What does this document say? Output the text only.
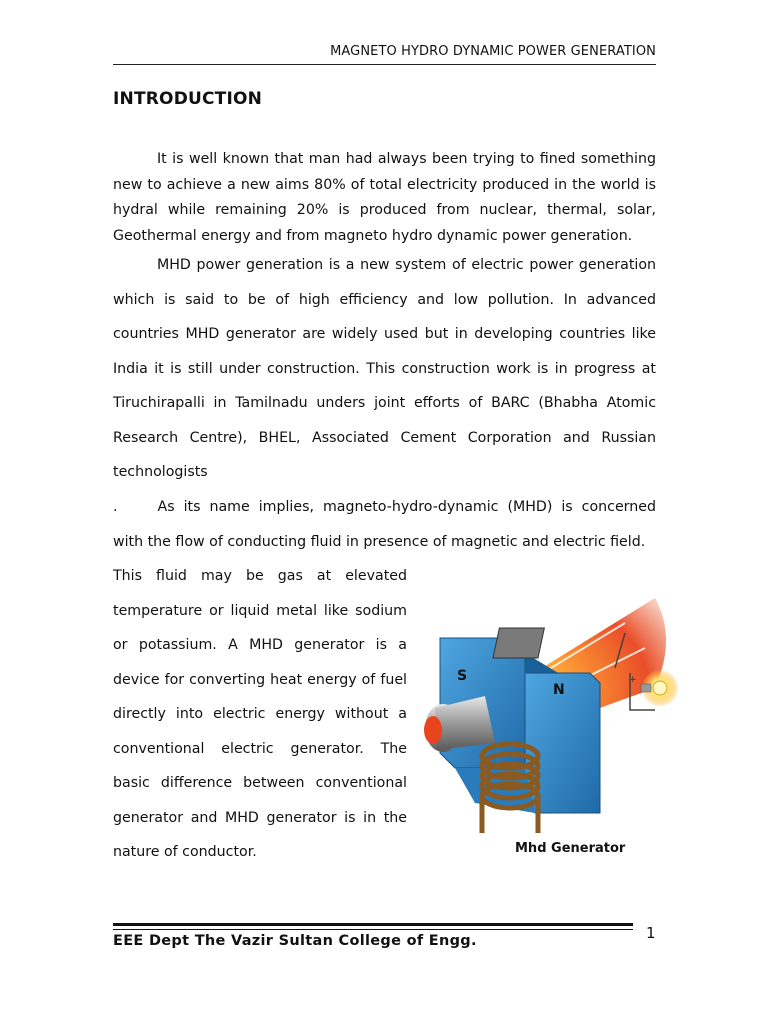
MAGNETO HYDRO DYNAMIC POWER GENERATION
INTRODUCTION

It is well known that man had always been trying to fined something new to achieve a new aims 80% of total electricity produced in the world is hydral while remaining 20% is produced from nuclear, thermal, solar, Geothermal energy and from magneto hydro dynamic power generation.

MHD power generation is a new system of electric power generation which is said to be of high efficiency and low pollution. In advanced countries MHD generator are widely used but in developing countries like India it is still under construction. This construction work is in progress at Tiruchirapalli in Tamilnadu unders joint efforts of BARC (Bhabha Atomic Research Centre), BHEL, Associated Cement Corporation and Russian technologists

.	As its name implies, magneto-hydro-dynamic (MHD) is concerned with the flow of conducting fluid in presence of magnetic and electric field.

This fluid may be gas at elevated temperature or liquid metal like sodium or potassium. A MHD generator is a device for converting heat energy of fuel directly into electric energy without a conventional electric generator. The basic difference between conventional generator and MHD generator is in the nature of conductor.

S
N
+
Mhd Generator
EEE Dept The Vazir Sultan College of Engg.	1
